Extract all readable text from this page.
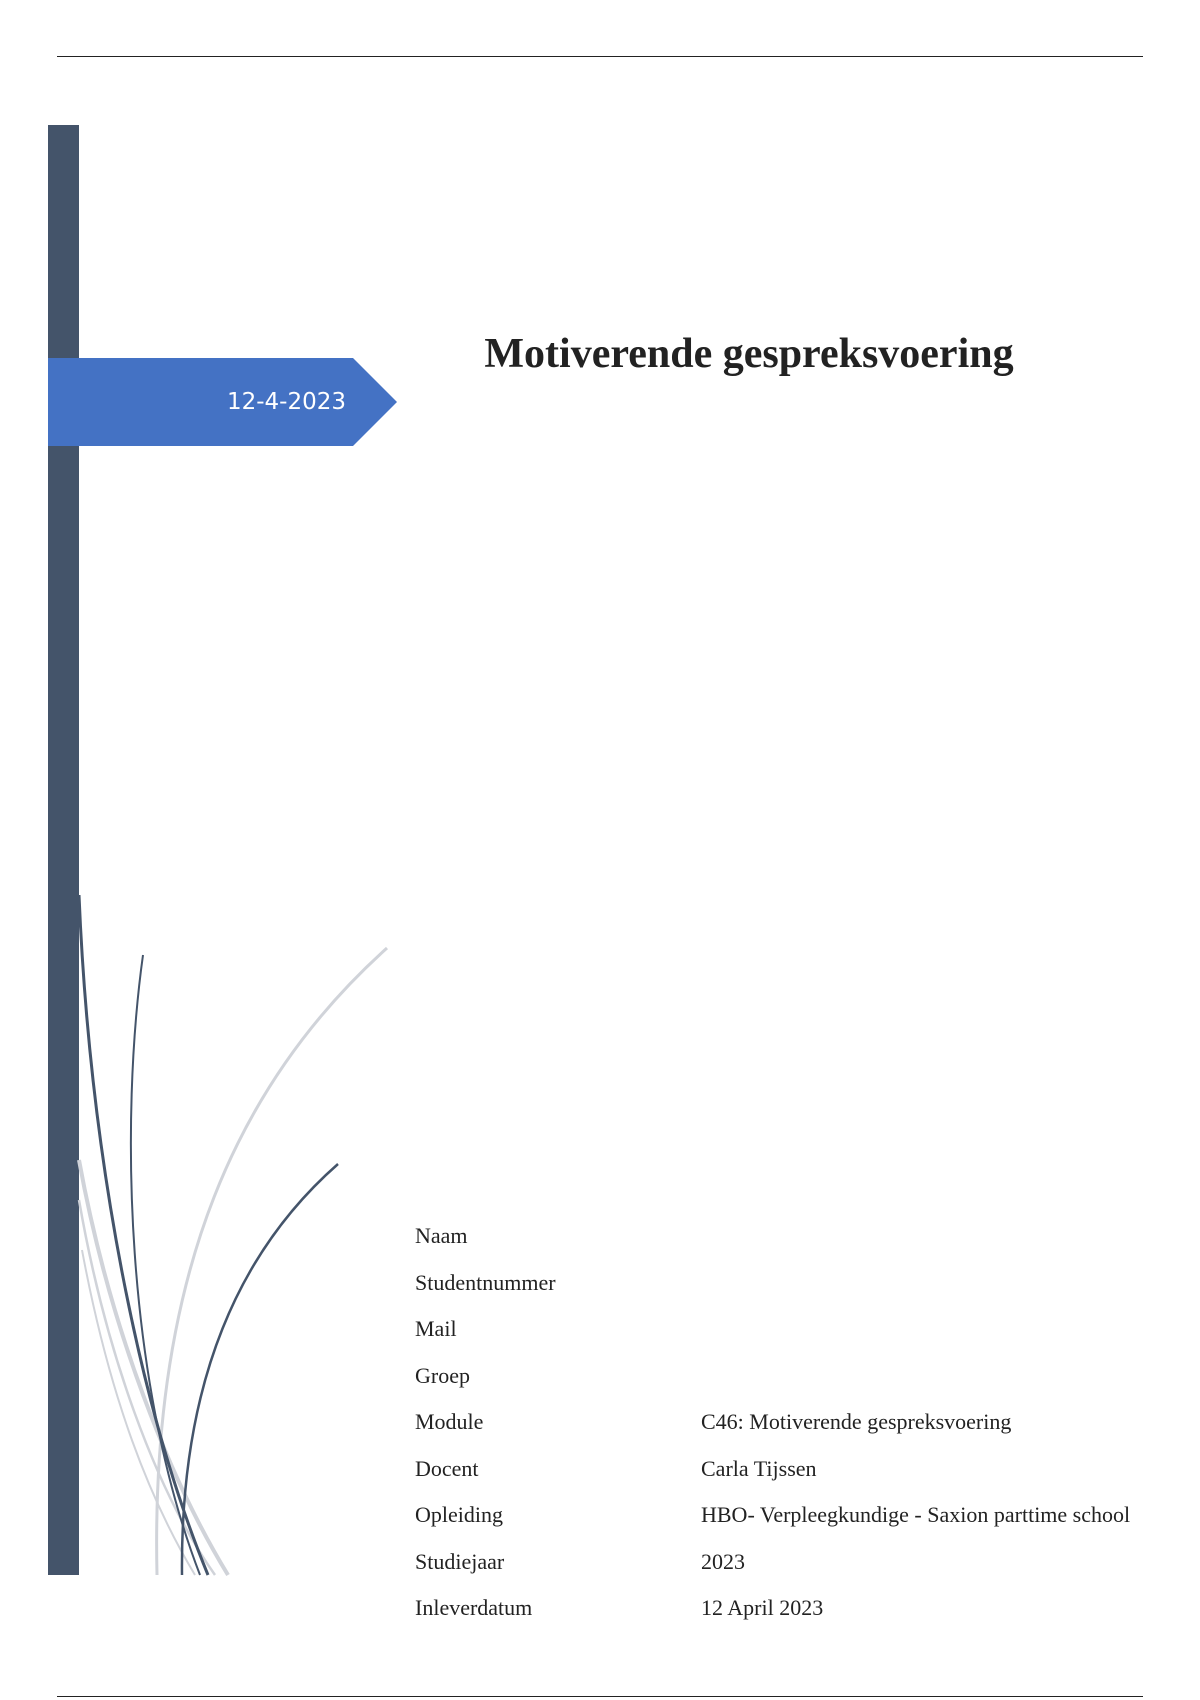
12-4-2023
Motiverende gespreksvoering
Naam
Studentnummer
Mail
Groep
Module	C46: Motiverende gespreksvoering
Docent	Carla Tijssen
Opleiding	HBO- Verpleegkundige - Saxion parttime school
Studiejaar	2023
Inleverdatum	12 April 2023
